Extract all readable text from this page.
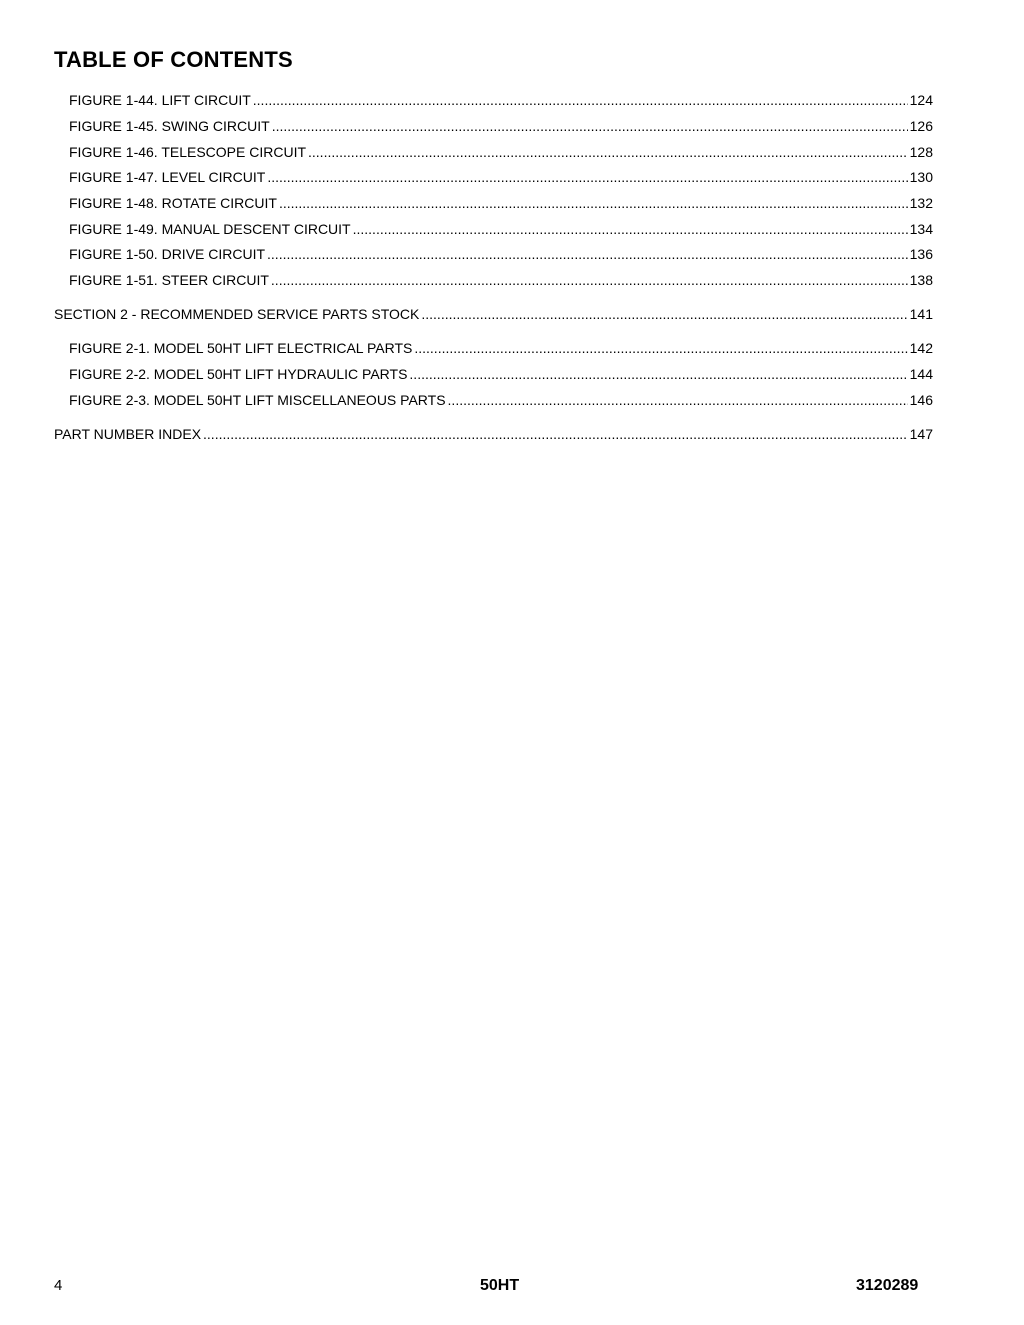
TABLE OF CONTENTS
FIGURE 1-44. LIFT CIRCUIT .....	124
FIGURE 1-45. SWING CIRCUIT .....	126
FIGURE 1-46. TELESCOPE CIRCUIT .....	128
FIGURE 1-47. LEVEL CIRCUIT .....	130
FIGURE 1-48. ROTATE CIRCUIT .....	132
FIGURE 1-49. MANUAL DESCENT CIRCUIT .....	134
FIGURE 1-50. DRIVE CIRCUIT .....	136
FIGURE 1-51. STEER CIRCUIT .....	138
SECTION 2 - RECOMMENDED SERVICE PARTS STOCK .....	141
FIGURE 2-1. MODEL 50HT LIFT ELECTRICAL PARTS .....	142
FIGURE 2-2. MODEL 50HT LIFT HYDRAULIC PARTS .....	144
FIGURE 2-3. MODEL 50HT LIFT MISCELLANEOUS PARTS .....	146
PART NUMBER INDEX .....	147
4	50HT	3120289
